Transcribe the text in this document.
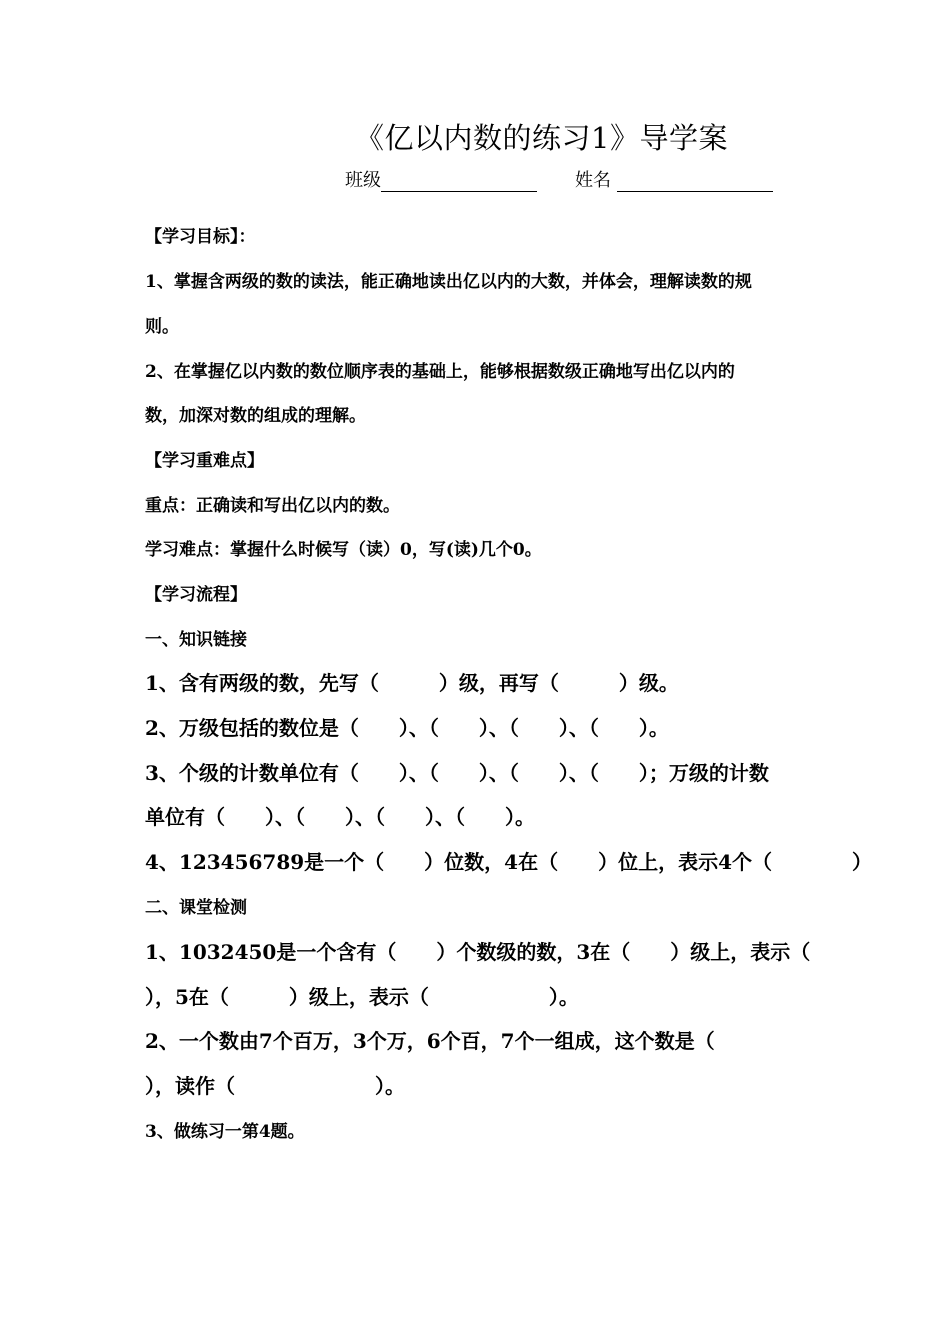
《亿以内数的练习1》导学案
班级	姓名
【学习目标】：
1、掌握含两级的数的读法，能正确地读出亿以内的大数，并体会，理解读数的规
则。
2、在掌握亿以内数的数位顺序表的基础上，能够根据数级正确地写出亿以内的
数，加深对数的组成的理解。
【学习重难点】
重点：正确读和写出亿以内的数。
学习难点：掌握什么时候写（读）0，写(读)几个0。
【学习流程】
一、知识链接
1、含有两级的数，先写（　　　）级，再写（　　　）级。
2、万级包括的数位是（　　）、（　　）、（　　）、（　　）。
3、个级的计数单位有（　　）、（　　）、（　　）、（　　）；万级的计数
单位有（　　）、（　　）、（　　）、（　　）。
4、123456789是一个（　　）位数，4在（　　）位上，表示4个（　　　　）
二、课堂检测
1、1032450是一个含有（　　）个数级的数，3在（　　）级上，表示（
），5在（　　　）级上，表示（　　　　　　）。
2、一个数由7个百万，3个万，6个百，7个一组成，这个数是（
），读作（　　　　　　　）。
3、做练习一第4题。
